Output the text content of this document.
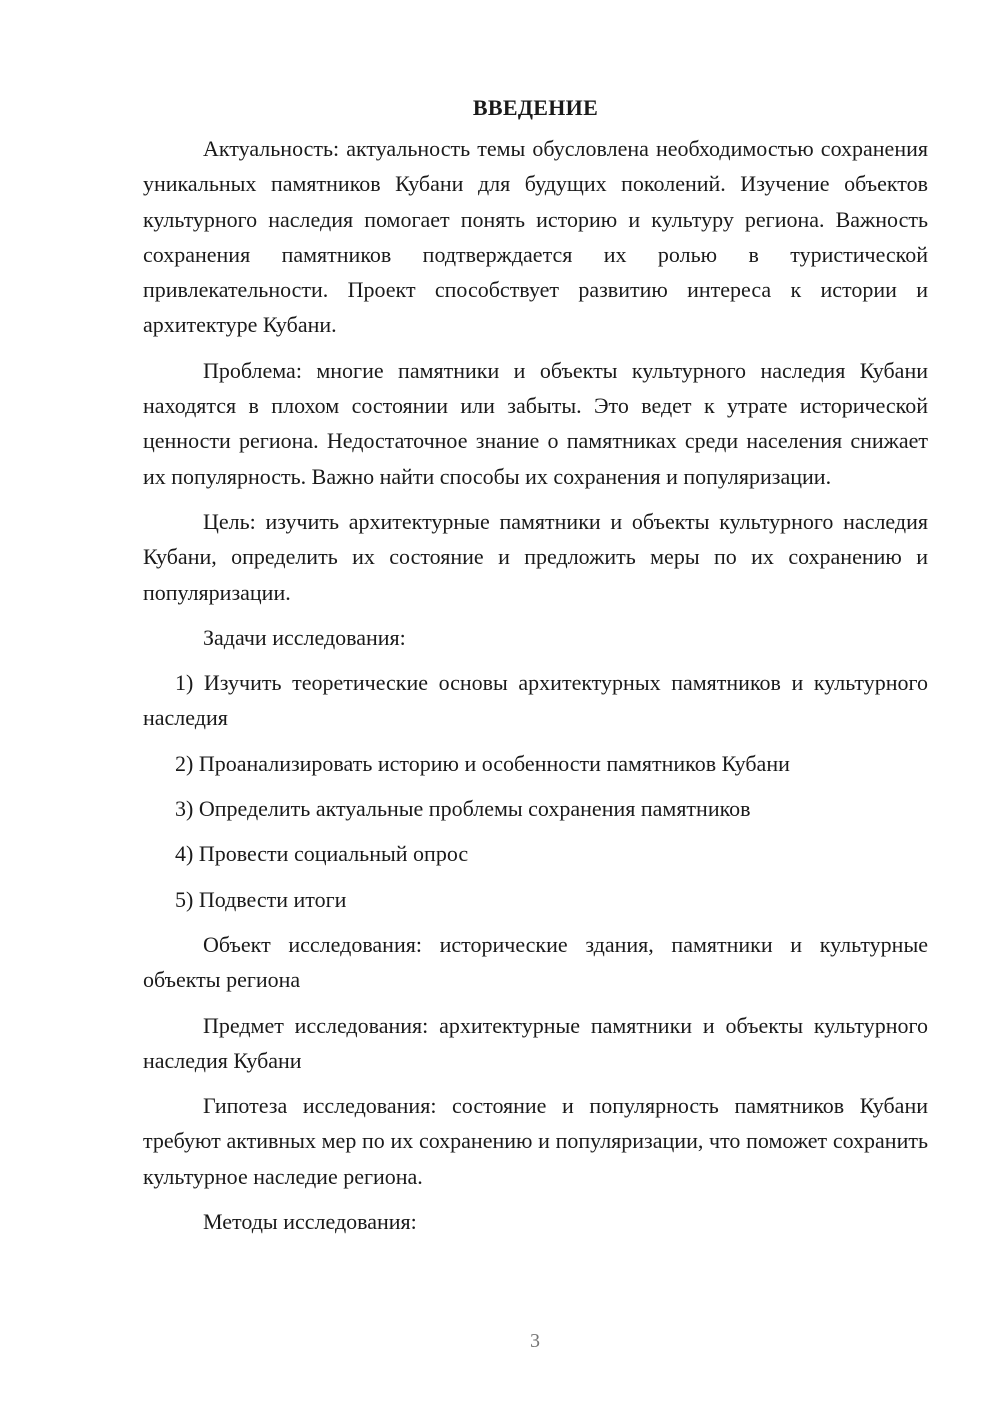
ВВЕДЕНИЕ

Актуальность: актуальность темы обусловлена необходимостью сохранения уникальных памятников Кубани для будущих поколений. Изучение объектов культурного наследия помогает понять историю и культуру региона. Важность сохранения памятников подтверждается их ролью в туристической привлекательности. Проект способствует развитию интереса к истории и архитектуре Кубани.

Проблема: многие памятники и объекты культурного наследия Кубани находятся в плохом состоянии или забыты. Это ведет к утрате исторической ценности региона. Недостаточное знание о памятниках среди населения снижает их популярность. Важно найти способы их сохранения и популяризации.

Цель: изучить архитектурные памятники и объекты культурного наследия Кубани, определить их состояние и предложить меры по их сохранению и популяризации.

Задачи исследования:

1) Изучить теоретические основы архитектурных памятников и культурного наследия

2) Проанализировать историю и особенности памятников Кубани

3) Определить актуальные проблемы сохранения памятников

4) Провести социальный опрос

5) Подвести итоги

Объект исследования: исторические здания, памятники и культурные объекты региона

Предмет исследования: архитектурные памятники и объекты культурного наследия Кубани

Гипотеза исследования: состояние и популярность памятников Кубани требуют активных мер по их сохранению и популяризации, что поможет сохранить культурное наследие региона.

Методы исследования:

3
